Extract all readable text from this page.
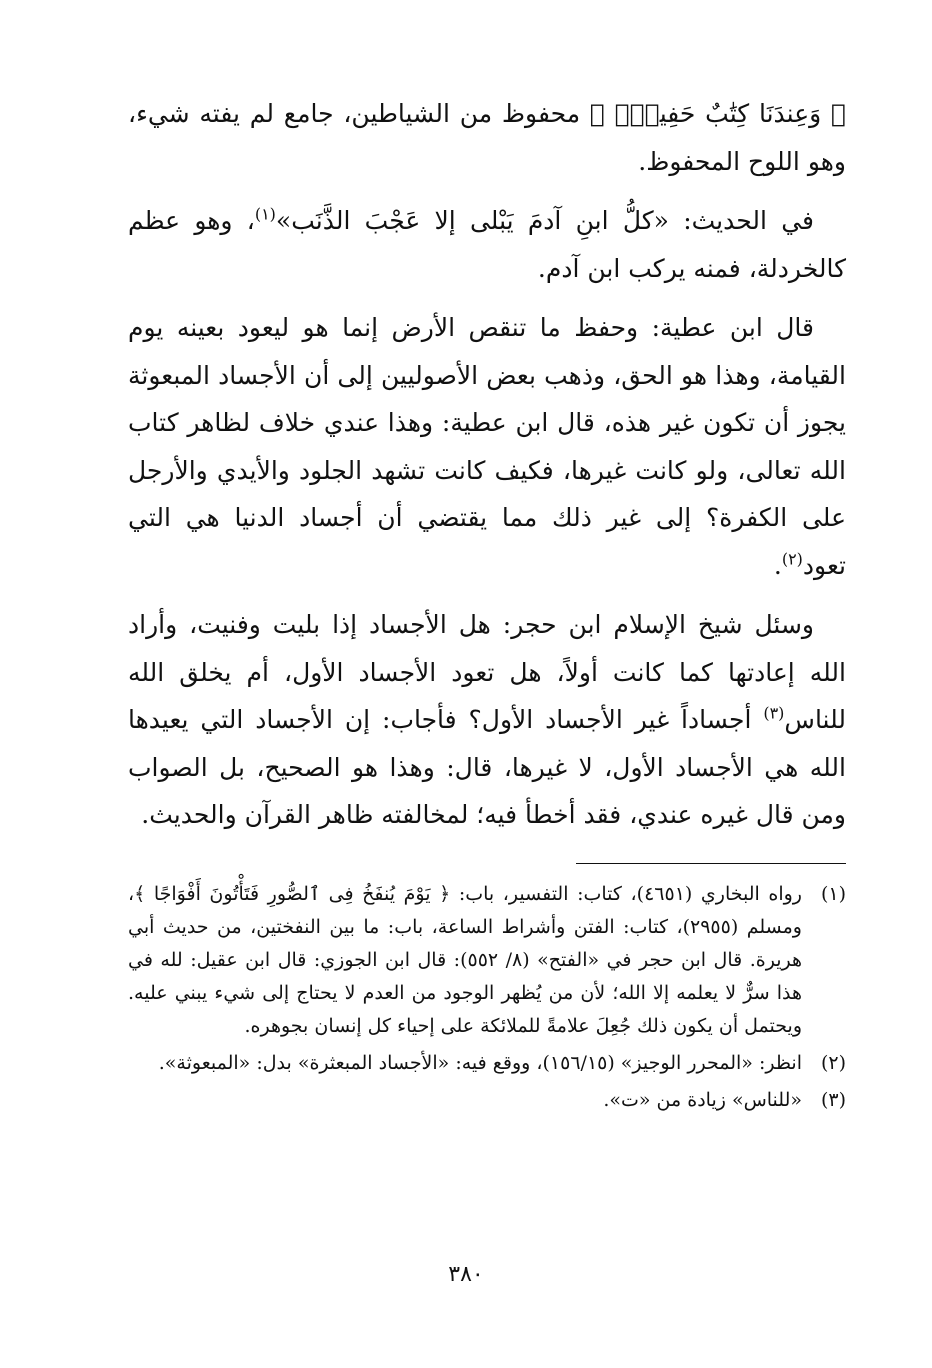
﴿ وَعِندَنَا كِتَٰبٌ حَفِيظُۢ ﴾ محفوظ من الشياطين، جامع لم يفته شيء، وهو اللوح المحفوظ.

في الحديث: «كلُّ ابنِ آدمَ يَبْلى إلا عَجْبَ الذَّنَب»$^{(١)}$، وهو عظم كالخردلة، فمنه يركب ابن آدم.

قال ابن عطية: وحفظ ما تنقص الأرض إنما هو ليعود بعينه يوم القيامة، وهذا هو الحق، وذهب بعض الأصوليين إلى أن الأجساد المبعوثة يجوز أن تكون غير هذه، قال ابن عطية: وهذا عندي خلاف لظاهر كتاب الله تعالى، ولو كانت غيرها، فكيف كانت تشهد الجلود والأيدي والأرجل على الكفرة؟ إلى غير ذلك مما يقتضي أن أجساد الدنيا هي التي تعود$^{(٢)}$.

وسئل شيخ الإسلام ابن حجر: هل الأجساد إذا بليت وفنيت، وأراد الله إعادتها كما كانت أولاً، هل تعود الأجساد الأول، أم يخلق الله للناس$^{(٣)}$ أجساداً غير الأجساد الأول؟ فأجاب: إن الأجساد التي يعيدها الله هي الأجساد الأول، لا غيرها، قال: وهذا هو الصحيح، بل الصواب ومن قال غيره عندي، فقد أخطأ فيه؛ لمخالفته ظاهر القرآن والحديث.

(١)
رواه البخاري (٤٦٥١)، كتاب: التفسير، باب: ﴿ يَوْمَ يُنفَخُ فِى ٱلصُّورِ فَتَأْتُونَ أَفْوَاجًا ﴾، ومسلم (٢٩٥٥)، كتاب: الفتن وأشراط الساعة، باب: ما بين النفختين، من حديث أبي هريرة. قال ابن حجر في «الفتح» (٨/ ٥٥٢): قال ابن الجوزي: قال ابن عقيل: لله في هذا سرٌّ لا يعلمه إلا الله؛ لأن من يُظهر الوجود من العدم لا يحتاج إلى شيء يبني عليه. ويحتمل أن يكون ذلك جُعِلَ علامةً للملائكة على إحياء كل إنسان بجوهره.
(٢)
انظر: «المحرر الوجيز» (١٥٦/١٥)، ووقع فيه: «الأجساد المبعثرة» بدل: «المبعوثة».
(٣)
«للناس» زيادة من «ت».
٣٨٠
